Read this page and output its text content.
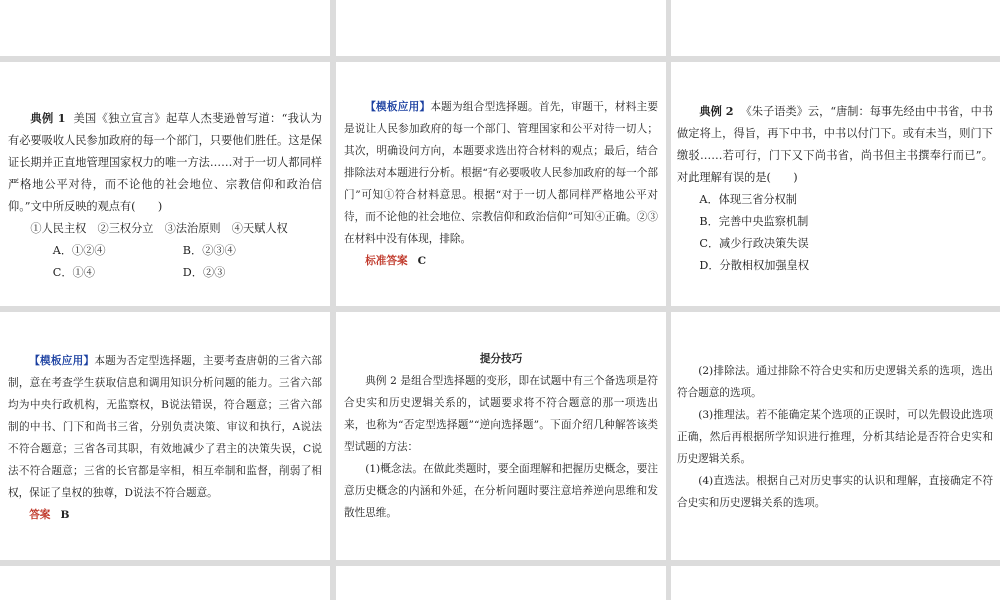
典例 1 美国《独立宣言》起草人杰斐逊曾写道：“我认为有必要吸收人民参加政府的每一个部门，只要他们胜任。这是保证长期并正直地管理国家权力的唯一方法……对于一切人都同样严格地公平对待，而不论他的社会地位、宗教信仰和政治信仰。”文中所反映的观点有(　　)

①人民主权　②三权分立　③法治原则　④天赋人权

A．①②④	B．②③④

C．①④	D．②③

【模板应用】本题为组合型选择题。首先，审题干，材料主要是说让人民参加政府的每一个部门、管理国家和公平对待一切人；其次，明确设问方向，本题要求选出符合材料的观点；最后，结合排除法对本题进行分析。根据“有必要吸收人民参加政府的每一个部门”可知①符合材料意思。根据“对于一切人都同样严格地公平对待，而不论他的社会地位、宗教信仰和政治信仰”可知④正确。②③在材料中没有体现，排除。

标准答案 C

典例 2 《朱子语类》云，“唐制：每事先经由中书省，中书做定将上，得旨，再下中书，中书以付门下。或有未当，则门下缴驳……若可行，门下又下尚书省，尚书但主书撰奉行而已”。对此理解有误的是(　　)

A．体现三省分权制

B．完善中央监察机制

C．减少行政决策失误

D．分散相权加强皇权

【模板应用】本题为否定型选择题，主要考查唐朝的三省六部制，意在考查学生获取信息和调用知识分析问题的能力。三省六部均为中央行政机构，无监察权，B说法错误，符合题意；三省六部制的中书、门下和尚书三省，分别负责决策、审议和执行，A说法不符合题意；三省各司其职，有效地减少了君主的决策失误，C说法不符合题意；三省的长官都是宰相，相互牵制和监督，削弱了相权，保证了皇权的独尊，D说法不符合题意。

答案 B

提分技巧

典例 2 是组合型选择题的变形，即在试题中有三个备选项是符合史实和历史逻辑关系的，试题要求将不符合题意的那一项选出来，也称为“否定型选择题”“逆向选择题”。下面介绍几种解答该类型试题的方法：

(1)概念法。在做此类题时，要全面理解和把握历史概念，要注意历史概念的内涵和外延，在分析问题时要注意培养逆向思维和发散性思维。

(2)排除法。通过排除不符合史实和历史逻辑关系的选项，选出符合题意的选项。

(3)推理法。若不能确定某个选项的正误时，可以先假设此选项正确，然后再根据所学知识进行推理，分析其结论是否符合史实和历史逻辑关系。

(4)直选法。根据自己对历史事实的认识和理解，直接确定不符合史实和历史逻辑关系的选项。
